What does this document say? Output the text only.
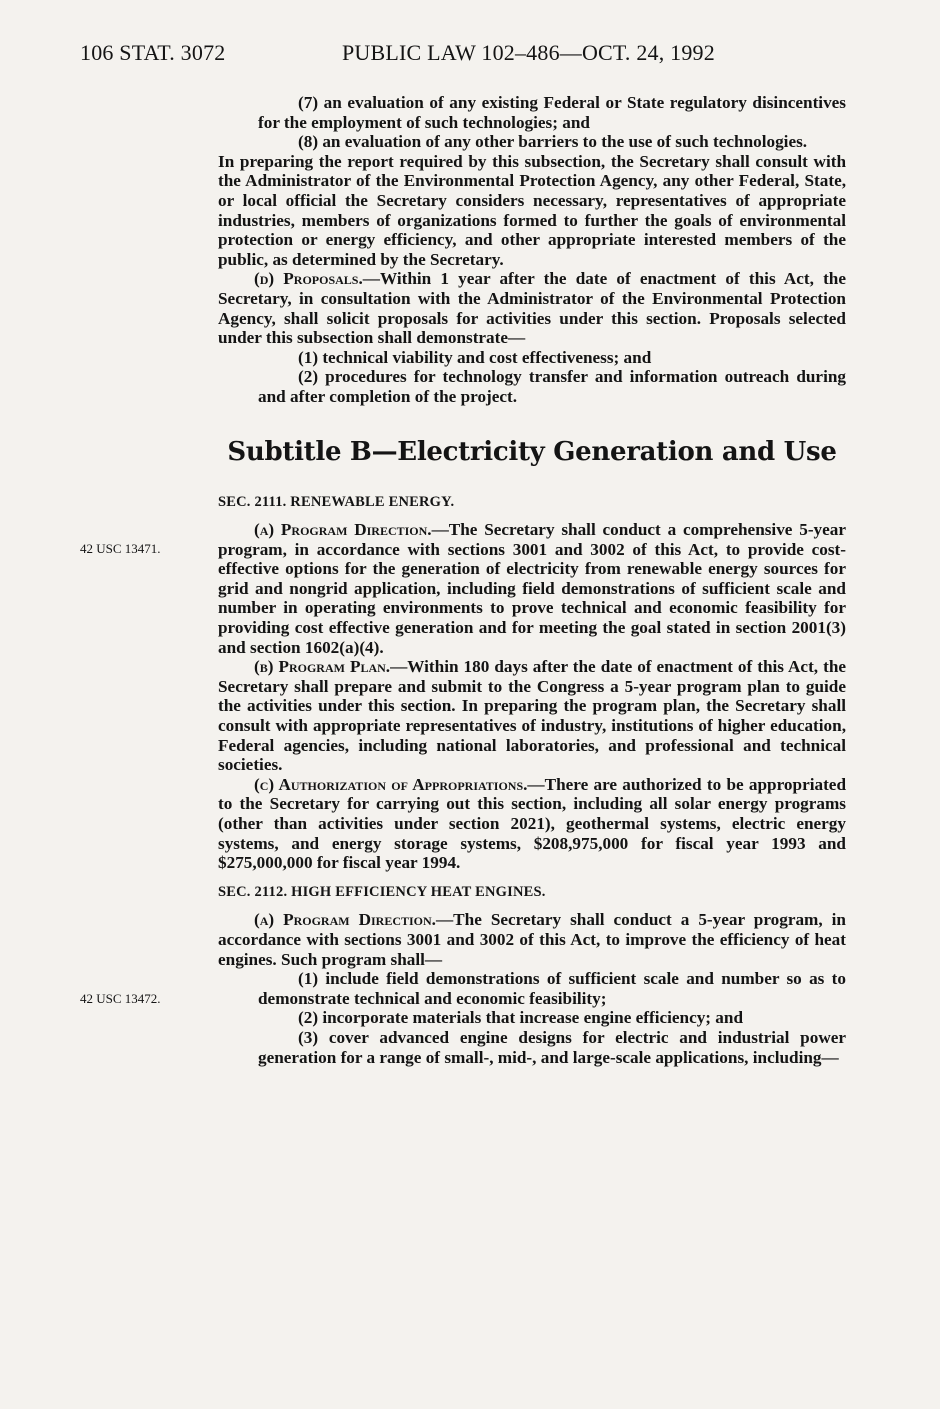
106 STAT. 3072	PUBLIC LAW 102–486—OCT. 24, 1992
42 USC 13471.
42 USC 13472.

(7) an evaluation of any existing Federal or State regulatory disincentives for the employment of such technologies; and

(8) an evaluation of any other barriers to the use of such technologies.

In preparing the report required by this subsection, the Secretary shall consult with the Administrator of the Environmental Protection Agency, any other Federal, State, or local official the Secretary considers necessary, representatives of appropriate industries, members of organizations formed to further the goals of environmental protection or energy efficiency, and other appropriate interested members of the public, as determined by the Secretary.

(d) Proposals.—Within 1 year after the date of enactment of this Act, the Secretary, in consultation with the Administrator of the Environmental Protection Agency, shall solicit proposals for activities under this section. Proposals selected under this subsection shall demonstrate—

(1) technical viability and cost effectiveness; and

(2) procedures for technology transfer and information outreach during and after completion of the project.

Subtitle B—Electricity Generation and Use
SEC. 2111. RENEWABLE ENERGY.

(a) Program Direction.—The Secretary shall conduct a comprehensive 5-year program, in accordance with sections 3001 and 3002 of this Act, to provide cost-effective options for the generation of electricity from renewable energy sources for grid and nongrid application, including field demonstrations of sufficient scale and number in operating environments to prove technical and economic feasibility for providing cost effective generation and for meeting the goal stated in section 2001(3) and section 1602(a)(4).

(b) Program Plan.—Within 180 days after the date of enactment of this Act, the Secretary shall prepare and submit to the Congress a 5-year program plan to guide the activities under this section. In preparing the program plan, the Secretary shall consult with appropriate representatives of industry, institutions of higher education, Federal agencies, including national laboratories, and professional and technical societies.

(c) Authorization of Appropriations.—There are authorized to be appropriated to the Secretary for carrying out this section, including all solar energy programs (other than activities under section 2021), geothermal systems, electric energy systems, and energy storage systems, $208,975,000 for fiscal year 1993 and $275,000,000 for fiscal year 1994.

SEC. 2112. HIGH EFFICIENCY HEAT ENGINES.

(a) Program Direction.—The Secretary shall conduct a 5-year program, in accordance with sections 3001 and 3002 of this Act, to improve the efficiency of heat engines. Such program shall—

(1) include field demonstrations of sufficient scale and number so as to demonstrate technical and economic feasibility;

(2) incorporate materials that increase engine efficiency; and

(3) cover advanced engine designs for electric and industrial power generation for a range of small-, mid-, and large-scale applications, including—
